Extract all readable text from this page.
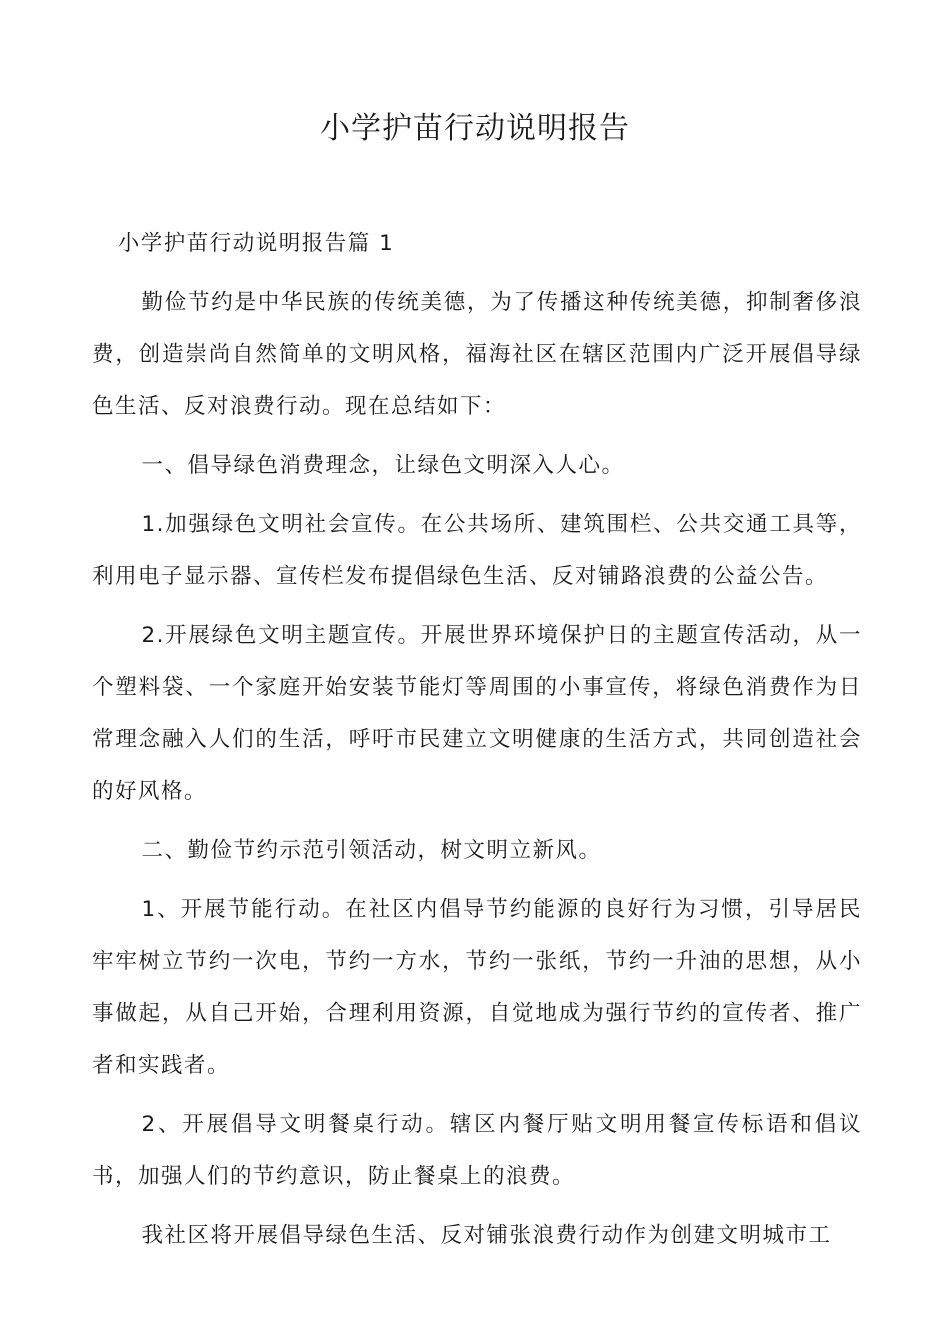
小学护苗行动说明报告

小学护苗行动说明报告篇 1

勤俭节约是中华民族的传统美德，为了传播这种传统美德，抑制奢侈浪费，创造崇尚自然简单的文明风格，福海社区在辖区范围内广泛开展倡导绿色生活、反对浪费行动。现在总结如下：

一、倡导绿色消费理念，让绿色文明深入人心。

1.加强绿色文明社会宣传。在公共场所、建筑围栏、公共交通工具等，利用电子显示器、宣传栏发布提倡绿色生活、反对铺路浪费的公益公告。

2.开展绿色文明主题宣传。开展世界环境保护日的主题宣传活动，从一个塑料袋、一个家庭开始安装节能灯等周围的小事宣传，将绿色消费作为日常理念融入人们的生活，呼吁市民建立文明健康的生活方式，共同创造社会的好风格。

二、勤俭节约示范引领活动，树文明立新风。

1、开展节能行动。在社区内倡导节约能源的良好行为习惯，引导居民牢牢树立节约一次电，节约一方水，节约一张纸，节约一升油的思想，从小事做起，从自己开始，合理利用资源，自觉地成为强行节约的宣传者、推广者和实践者。

2、开展倡导文明餐桌行动。辖区内餐厅贴文明用餐宣传标语和倡议书，加强人们的节约意识，防止餐桌上的浪费。

我社区将开展倡导绿色生活、反对铺张浪费行动作为创建文明城市工
